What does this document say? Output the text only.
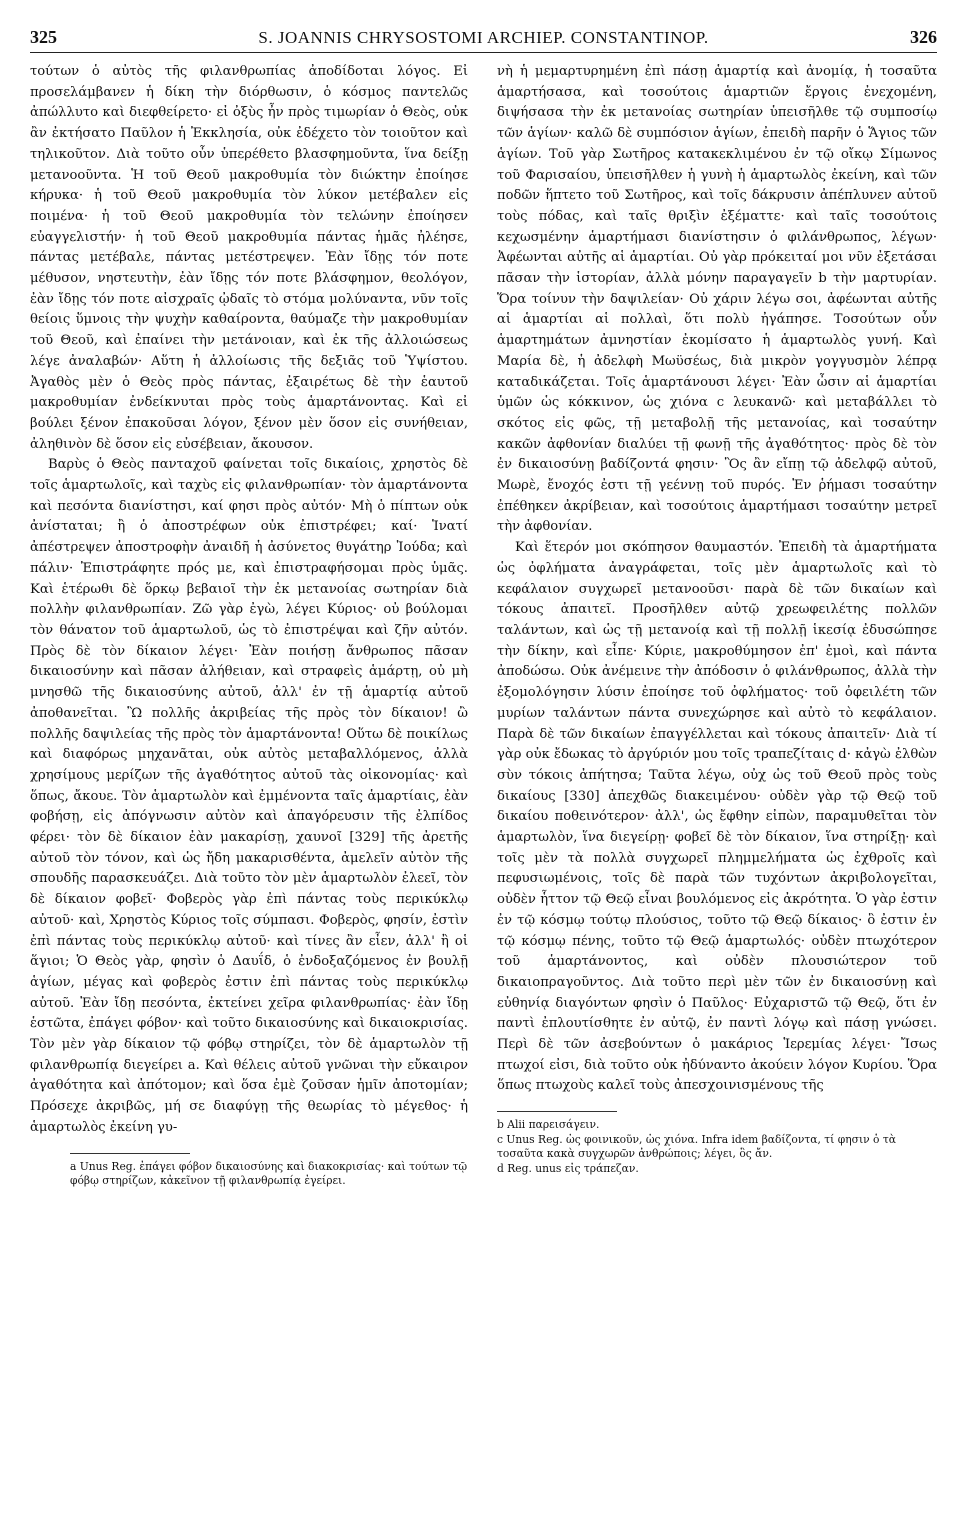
325	S. JOANNIS CHRYSOSTOMI ARCHIEP. CONSTANTINOP.	326

τούτων ὁ αὐτὸς τῆς φιλανθρωπίας ἀποδίδοται λόγος. Εἰ προσελάμβανεν ἡ δίκη τὴν διόρθωσιν, ὁ κόσμος παντελῶς ἀπώλλυτο καὶ διεφθείρετο· εἰ ὀξὺς ἦν πρὸς τιμωρίαν ὁ Θεὸς, οὐκ ἂν ἐκτήσατο Παῦλον ἡ Ἐκκλησία, οὐκ ἐδέχετο τὸν τοιοῦτον καὶ τηλικοῦτον. Διὰ τοῦτο οὖν ὑπερέθετο βλασφημοῦντα, ἵνα δείξῃ μετανοοῦντα. Ἡ τοῦ Θεοῦ μακροθυμία τὸν διώκτην ἐποίησε κήρυκα· ἡ τοῦ Θεοῦ μακροθυμία τὸν λύκον μετέβαλεν εἰς ποιμένα· ἡ τοῦ Θεοῦ μακροθυμία τὸν τελώνην ἐποίησεν εὐαγγελιστήν· ἡ τοῦ Θεοῦ μακροθυμία πάντας ἡμᾶς ἠλέησε, πάντας μετέβαλε, πάντας μετέστρεψεν. Ἐὰν ἴδῃς τόν ποτε μέθυσον, νηστευτὴν, ἐὰν ἴδῃς τόν ποτε βλάσφημον, θεολόγον, ἐὰν ἴδῃς τόν ποτε αἰσχραῖς ᾠδαῖς τὸ στόμα μολύναντα, νῦν τοῖς θείοις ὕμνοις τὴν ψυχὴν καθαίροντα, θαύμαζε τὴν μακροθυμίαν τοῦ Θεοῦ, καὶ ἐπαίνει τὴν μετάνοιαν, καὶ ἐκ τῆς ἀλλοιώσεως λέγε ἀναλαβών· Αὕτη ἡ ἀλλοίωσις τῆς δεξιᾶς τοῦ Ὑψίστου. Ἀγαθὸς μὲν ὁ Θεὸς πρὸς πάντας, ἐξαιρέτως δὲ τὴν ἑαυτοῦ μακροθυμίαν ἐνδείκνυται πρὸς τοὺς ἁμαρτάνοντας. Καὶ εἰ βούλει ξένον ἐπακοῦσαι λόγον, ξένον μὲν ὅσον εἰς συνήθειαν, ἀληθινὸν δὲ ὅσον εἰς εὐσέβειαν, ἄκουσον.

Βαρὺς ὁ Θεὸς πανταχοῦ φαίνεται τοῖς δικαίοις, χρηστὸς δὲ τοῖς ἁμαρτωλοῖς, καὶ ταχὺς εἰς φιλανθρωπίαν· τὸν ἁμαρτάνοντα καὶ πεσόντα διανίστησι, καί φησι πρὸς αὐτόν· Μὴ ὁ πίπτων οὐκ ἀνίσταται; ἢ ὁ ἀποστρέφων οὐκ ἐπιστρέφει; καί· Ἱνατί ἀπέστρεψεν ἀποστροφὴν ἀναιδῆ ἡ ἀσύνετος θυγάτηρ Ἰούδα; καὶ πάλιν· Ἐπιστράφητε πρός με, καὶ ἐπιστραφήσομαι πρὸς ὑμᾶς. Καὶ ἑτέρωθι δὲ ὅρκῳ βεβαιοῖ τὴν ἐκ μετανοίας σωτηρίαν διὰ πολλὴν φιλανθρωπίαν. Ζῶ γὰρ ἐγὼ, λέγει Κύριος· οὐ βούλομαι τὸν θάνατον τοῦ ἁμαρτωλοῦ, ὡς τὸ ἐπιστρέψαι καὶ ζῆν αὐτόν. Πρὸς δὲ τὸν δίκαιον λέγει· Ἐὰν ποιήσῃ ἄνθρωπος πᾶσαν δικαιοσύνην καὶ πᾶσαν ἀλήθειαν, καὶ στραφεὶς ἁμάρτῃ, οὐ μὴ μνησθῶ τῆς δικαιοσύνης αὐτοῦ, ἀλλ' ἐν τῇ ἁμαρτίᾳ αὐτοῦ ἀποθανεῖται. Ὢ πολλῆς ἀκριβείας τῆς πρὸς τὸν δίκαιον! ὢ πολλῆς δαψιλείας τῆς πρὸς τὸν ἁμαρτάνοντα! Οὕτω δὲ ποικίλως καὶ διαφόρως μηχανᾶται, οὐκ αὐτὸς μεταβαλλόμενος, ἀλλὰ χρησίμους μερίζων τῆς ἀγαθότητος αὐτοῦ τὰς οἰκονομίας· καὶ ὅπως, ἄκουε. Τὸν ἁμαρτωλὸν καὶ ἐμμένοντα ταῖς ἁμαρτίαις, ἐὰν φοβήσῃ, εἰς ἀπόγνωσιν αὐτὸν καὶ ἀπαγόρευσιν τῆς ἐλπίδος φέρει· τὸν δὲ δίκαιον ἐὰν μακαρίσῃ, χαυνοῖ [329] τῆς ἀρετῆς αὐτοῦ τὸν τόνον, καὶ ὡς ἤδη μακαρισθέντα, ἀμελεῖν αὐτὸν τῆς σπουδῆς παρασκευάζει. Διὰ τοῦτο τὸν μὲν ἁμαρτωλὸν ἐλεεῖ, τὸν δὲ δίκαιον φοβεῖ· Φοβερὸς γὰρ ἐπὶ πάντας τοὺς περικύκλῳ αὐτοῦ· καὶ, Χρηστὸς Κύριος τοῖς σύμπασι. Φοβερὸς, φησίν, ἐστὶν ἐπὶ πάντας τοὺς περικύκλῳ αὐτοῦ· καὶ τίνες ἂν εἶεν, ἀλλ' ἢ οἱ ἅγιοι; Ὁ Θεὸς γὰρ, φησὶν ὁ Δαυΐδ, ὁ ἐνδοξαζόμενος ἐν βουλῇ ἁγίων, μέγας καὶ φοβερὸς ἐστιν ἐπὶ πάντας τοὺς περικύκλῳ αὐτοῦ. Ἐὰν ἴδῃ πεσόντα, ἐκτείνει χεῖρα φιλανθρωπίας· ἐὰν ἴδῃ ἑστῶτα, ἐπάγει φόβον· καὶ τοῦτο δικαιοσύνης καὶ δικαιοκρισίας. Τὸν μὲν γὰρ δίκαιον τῷ φόβῳ στηρίζει, τὸν δὲ ἁμαρτωλὸν τῇ φιλανθρωπίᾳ διεγείρει a. Καὶ θέλεις αὐτοῦ γνῶναι τὴν εὔκαιρον ἀγαθότητα καὶ ἀπότομον; καὶ ὅσα ἐμὲ ζοῦσαν ἡμῖν ἀποτομίαν; Πρόσεχε ἀκριβῶς, μή σε διαφύγῃ τῆς θεωρίας τὸ μέγεθος· ἡ ἁμαρτωλὸς ἐκείνη γυ-

a Unus Reg. ἐπάγει φόβον δικαιοσύνης καὶ διακοκρισίας· καὶ τούτων τῷ φόβῳ στηρίζων, κἀκεῖνον τῇ φιλανθρωπίᾳ ἐγείρει.

νὴ ἡ μεμαρτυρημένη ἐπὶ πάσῃ ἁμαρτίᾳ καὶ ἀνομίᾳ, ἡ τοσαῦτα ἁμαρτήσασα, καὶ τοσούτοις ἁμαρτιῶν ἔργοις ἐνεχομένη, διψήσασα τὴν ἐκ μετανοίας σωτηρίαν ὑπεισῆλθε τῷ συμποσίῳ τῶν ἁγίων· καλῶ δὲ συμπόσιον ἁγίων, ἐπειδὴ παρῆν ὁ Ἅγιος τῶν ἁγίων. Τοῦ γὰρ Σωτῆρος κατακεκλιμένου ἐν τῷ οἴκῳ Σίμωνος τοῦ Φαρισαίου, ὑπεισῆλθεν ἡ γυνὴ ἡ ἁμαρτωλὸς ἐκείνη, καὶ τῶν ποδῶν ἥπτετο τοῦ Σωτῆρος, καὶ τοῖς δάκρυσιν ἀπέπλυνεν αὐτοῦ τοὺς πόδας, καὶ ταῖς θριξὶν ἐξέματτε· καὶ ταῖς τοσούτοις κεχωσμένην ἁμαρτήμασι διανίστησιν ὁ φιλάνθρωπος, λέγων· Ἀφέωνται αὐτῆς αἱ ἁμαρτίαι. Οὐ γὰρ πρόκειταί μοι νῦν ἐξετάσαι πᾶσαν τὴν ἱστορίαν, ἀλλὰ μόνην παραγαγεῖν b τὴν μαρτυρίαν. Ὅρα τοίνυν τὴν δαψιλείαν· Οὐ χάριν λέγω σοι, ἀφέωνται αὐτῆς αἱ ἁμαρτίαι αἱ πολλαὶ, ὅτι πολὺ ἠγάπησε. Τοσούτων οὖν ἁμαρτημάτων ἀμνηστίαν ἐκομίσατο ἡ ἁμαρτωλὸς γυνή. Καὶ Μαρία δὲ, ἡ ἀδελφὴ Μωϋσέως, διὰ μικρὸν γογγυσμὸν λέπρᾳ καταδικάζεται. Τοῖς ἁμαρτάνουσι λέγει· Ἐὰν ὦσιν αἱ ἁμαρτίαι ὑμῶν ὡς κόκκινον, ὡς χιόνα c λευκανῶ· καὶ μεταβάλλει τὸ σκότος εἰς φῶς, τῇ μεταβολῇ τῆς μετανοίας, καὶ τοσαύτην κακῶν ἀφθονίαν διαλύει τῇ φωνῇ τῆς ἀγαθότητος· πρὸς δὲ τὸν ἐν δικαιοσύνῃ βαδίζοντά φησιν· Ὃς ἂν εἴπῃ τῷ ἀδελφῷ αὐτοῦ, Μωρὲ, ἔνοχός ἐστι τῇ γεέννῃ τοῦ πυρός. Ἐν ῥήμασι τοσαύτην ἐπέθηκεν ἀκρίβειαν, καὶ τοσούτοις ἁμαρτήμασι τοσαύτην μετρεῖ τὴν ἀφθονίαν.

Καὶ ἕτερόν μοι σκόπησον θαυμαστόν. Ἐπειδὴ τὰ ἁμαρτήματα ὡς ὀφλήματα ἀναγράφεται, τοῖς μὲν ἁμαρτωλοῖς καὶ τὸ κεφάλαιον συγχωρεῖ μετανοοῦσι· παρὰ δὲ τῶν δικαίων καὶ τόκους ἀπαιτεῖ. Προσῆλθεν αὐτῷ χρεωφειλέτης πολλῶν ταλάντων, καὶ ὡς τῇ μετανοίᾳ καὶ τῇ πολλῇ ἱκεσίᾳ ἐδυσώπησε τὴν δίκην, καὶ εἶπε· Κύριε, μακροθύμησον ἐπ' ἐμοὶ, καὶ πάντα ἀποδώσω. Οὐκ ἀνέμεινε τὴν ἀπόδοσιν ὁ φιλάνθρωπος, ἀλλὰ τὴν ἐξομολόγησιν λύσιν ἐποίησε τοῦ ὀφλήματος· τοῦ ὀφειλέτη τῶν μυρίων ταλάντων πάντα συνεχώρησε καὶ αὐτὸ τὸ κεφάλαιον. Παρὰ δὲ τῶν δικαίων ἐπαγγέλλεται καὶ τόκους ἀπαιτεῖν· Διὰ τί γὰρ οὐκ ἔδωκας τὸ ἀργύριόν μου τοῖς τραπεζίταις d· κἀγὼ ἐλθὼν σὺν τόκοις ἀπήτησα; Ταῦτα λέγω, οὐχ ὡς τοῦ Θεοῦ πρὸς τοὺς δικαίους [330] ἀπεχθῶς διακειμένου· οὐδὲν γὰρ τῷ Θεῷ τοῦ δικαίου ποθεινότερον· ἀλλ', ὡς ἔφθην εἰπὼν, παραμυθεῖται τὸν ἁμαρτωλὸν, ἵνα διεγείρῃ· φοβεῖ δὲ τὸν δίκαιον, ἵνα στηρίξῃ· καὶ τοῖς μὲν τὰ πολλὰ συγχωρεῖ πλημμελήματα ὡς ἐχθροῖς καὶ πεφυσιωμένοις, τοῖς δὲ παρὰ τῶν τυχόντων ἀκριβολογεῖται, οὐδὲν ἧττον τῷ Θεῷ εἶναι βουλόμενος εἰς ἀκρότητα. Ὁ γὰρ ἐστιν ἐν τῷ κόσμῳ τούτῳ πλούσιος, τοῦτο τῷ Θεῷ δίκαιος· ὃ ἐστιν ἐν τῷ κόσμῳ πένης, τοῦτο τῷ Θεῷ ἁμαρτωλός· οὐδὲν πτωχότερον τοῦ ἁμαρτάνοντος, καὶ οὐδὲν πλουσιώτερον τοῦ δικαιοπραγοῦντος. Διὰ τοῦτο περὶ μὲν τῶν ἐν δικαιοσύνῃ καὶ εὐθηνίᾳ διαγόντων φησὶν ὁ Παῦλος· Εὐχαριστῶ τῷ Θεῷ, ὅτι ἐν παντὶ ἐπλουτίσθητε ἐν αὐτῷ, ἐν παντὶ λόγῳ καὶ πάσῃ γνώσει. Περὶ δὲ τῶν ἀσεβούντων ὁ μακάριος Ἱερεμίας λέγει· Ἴσως πτωχοί εἰσι, διὰ τοῦτο οὐκ ἠδύναντο ἀκούειν λόγον Κυρίου. Ὅρα ὅπως πτωχοὺς καλεῖ τοὺς ἀπεσχοινισμένους τῆς

b Alii παρεισάγειν.

c Unus Reg. ὡς φοινικοῦν, ὡς χιόνα. Infra idem βαδίζοντα, τί φησιν ὁ τὰ τοσαῦτα κακὰ συγχωρῶν ἀνθρώποις; λέγει, ὃς ἄν.

d Reg. unus εἰς τράπεζαν.
